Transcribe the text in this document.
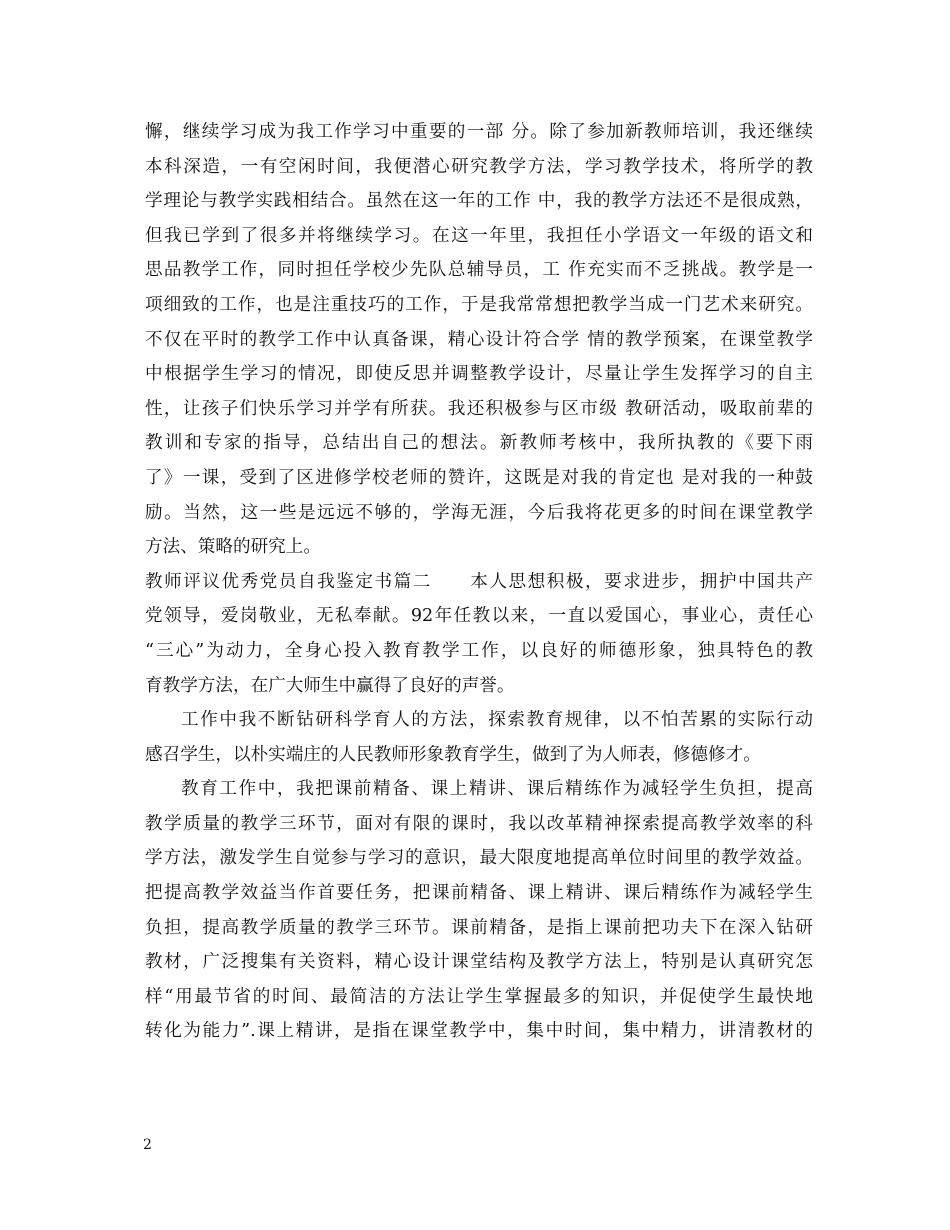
懈，继续学习成为我工作学习中重要的一部 分。除了参加新教师培训，我还继续
本科深造，一有空闲时间，我便潜心研究教学方法，学习教学技术，将所学的教
学理论与教学实践相结合。虽然在这一年的工作 中，我的教学方法还不是很成熟，
但我已学到了很多并将继续学习。在这一年里，我担任小学语文一年级的语文和
思品教学工作，同时担任学校少先队总辅导员，工 作充实而不乏挑战。教学是一
项细致的工作，也是注重技巧的工作，于是我常常想把教学当成一门艺术来研究。
不仅在平时的教学工作中认真备课，精心设计符合学 情的教学预案，在课堂教学
中根据学生学习的情况，即使反思并调整教学设计，尽量让学生发挥学习的自主
性，让孩子们快乐学习并学有所获。我还积极参与区市级 教研活动，吸取前辈的
教训和专家的指导，总结出自己的想法。新教师考核中，我所执教的《要下雨
了》一课，受到了区进修学校老师的赞许，这既是对我的肯定也 是对我的一种鼓
励。当然，这一些是远远不够的，学海无涯，今后我将花更多的时间在课堂教学
方法、策略的研究上。
教师评议优秀党员自我鉴定书篇二　　本人思想积极，要求进步，拥护中国共产
党领导，爱岗敬业，无私奉献。92年任教以来，一直以爱国心，事业心，责任心
“三心”为动力，全身心投入教育教学工作，以良好的师德形象，独具特色的教
育教学方法，在广大师生中赢得了良好的声誉。
工作中我不断钻研科学育人的方法，探索教育规律，以不怕苦累的实际行动
感召学生，以朴实端庄的人民教师形象教育学生，做到了为人师表，修德修才。
教育工作中，我把课前精备、课上精讲、课后精练作为减轻学生负担，提高
教学质量的教学三环节，面对有限的课时，我以改革精神探索提高教学效率的科
学方法，激发学生自觉参与学习的意识，最大限度地提高单位时间里的教学效益。
把提高教学效益当作首要任务，把课前精备、课上精讲、课后精练作为减轻学生
负担，提高教学质量的教学三环节。课前精备，是指上课前把功夫下在深入钻研
教材，广泛搜集有关资料，精心设计课堂结构及教学方法上，特别是认真研究怎
样“用最节省的时间、最简洁的方法让学生掌握最多的知识，并促使学生最快地
转化为能力”.课上精讲，是指在课堂教学中，集中时间，集中精力，讲清教材的
2
